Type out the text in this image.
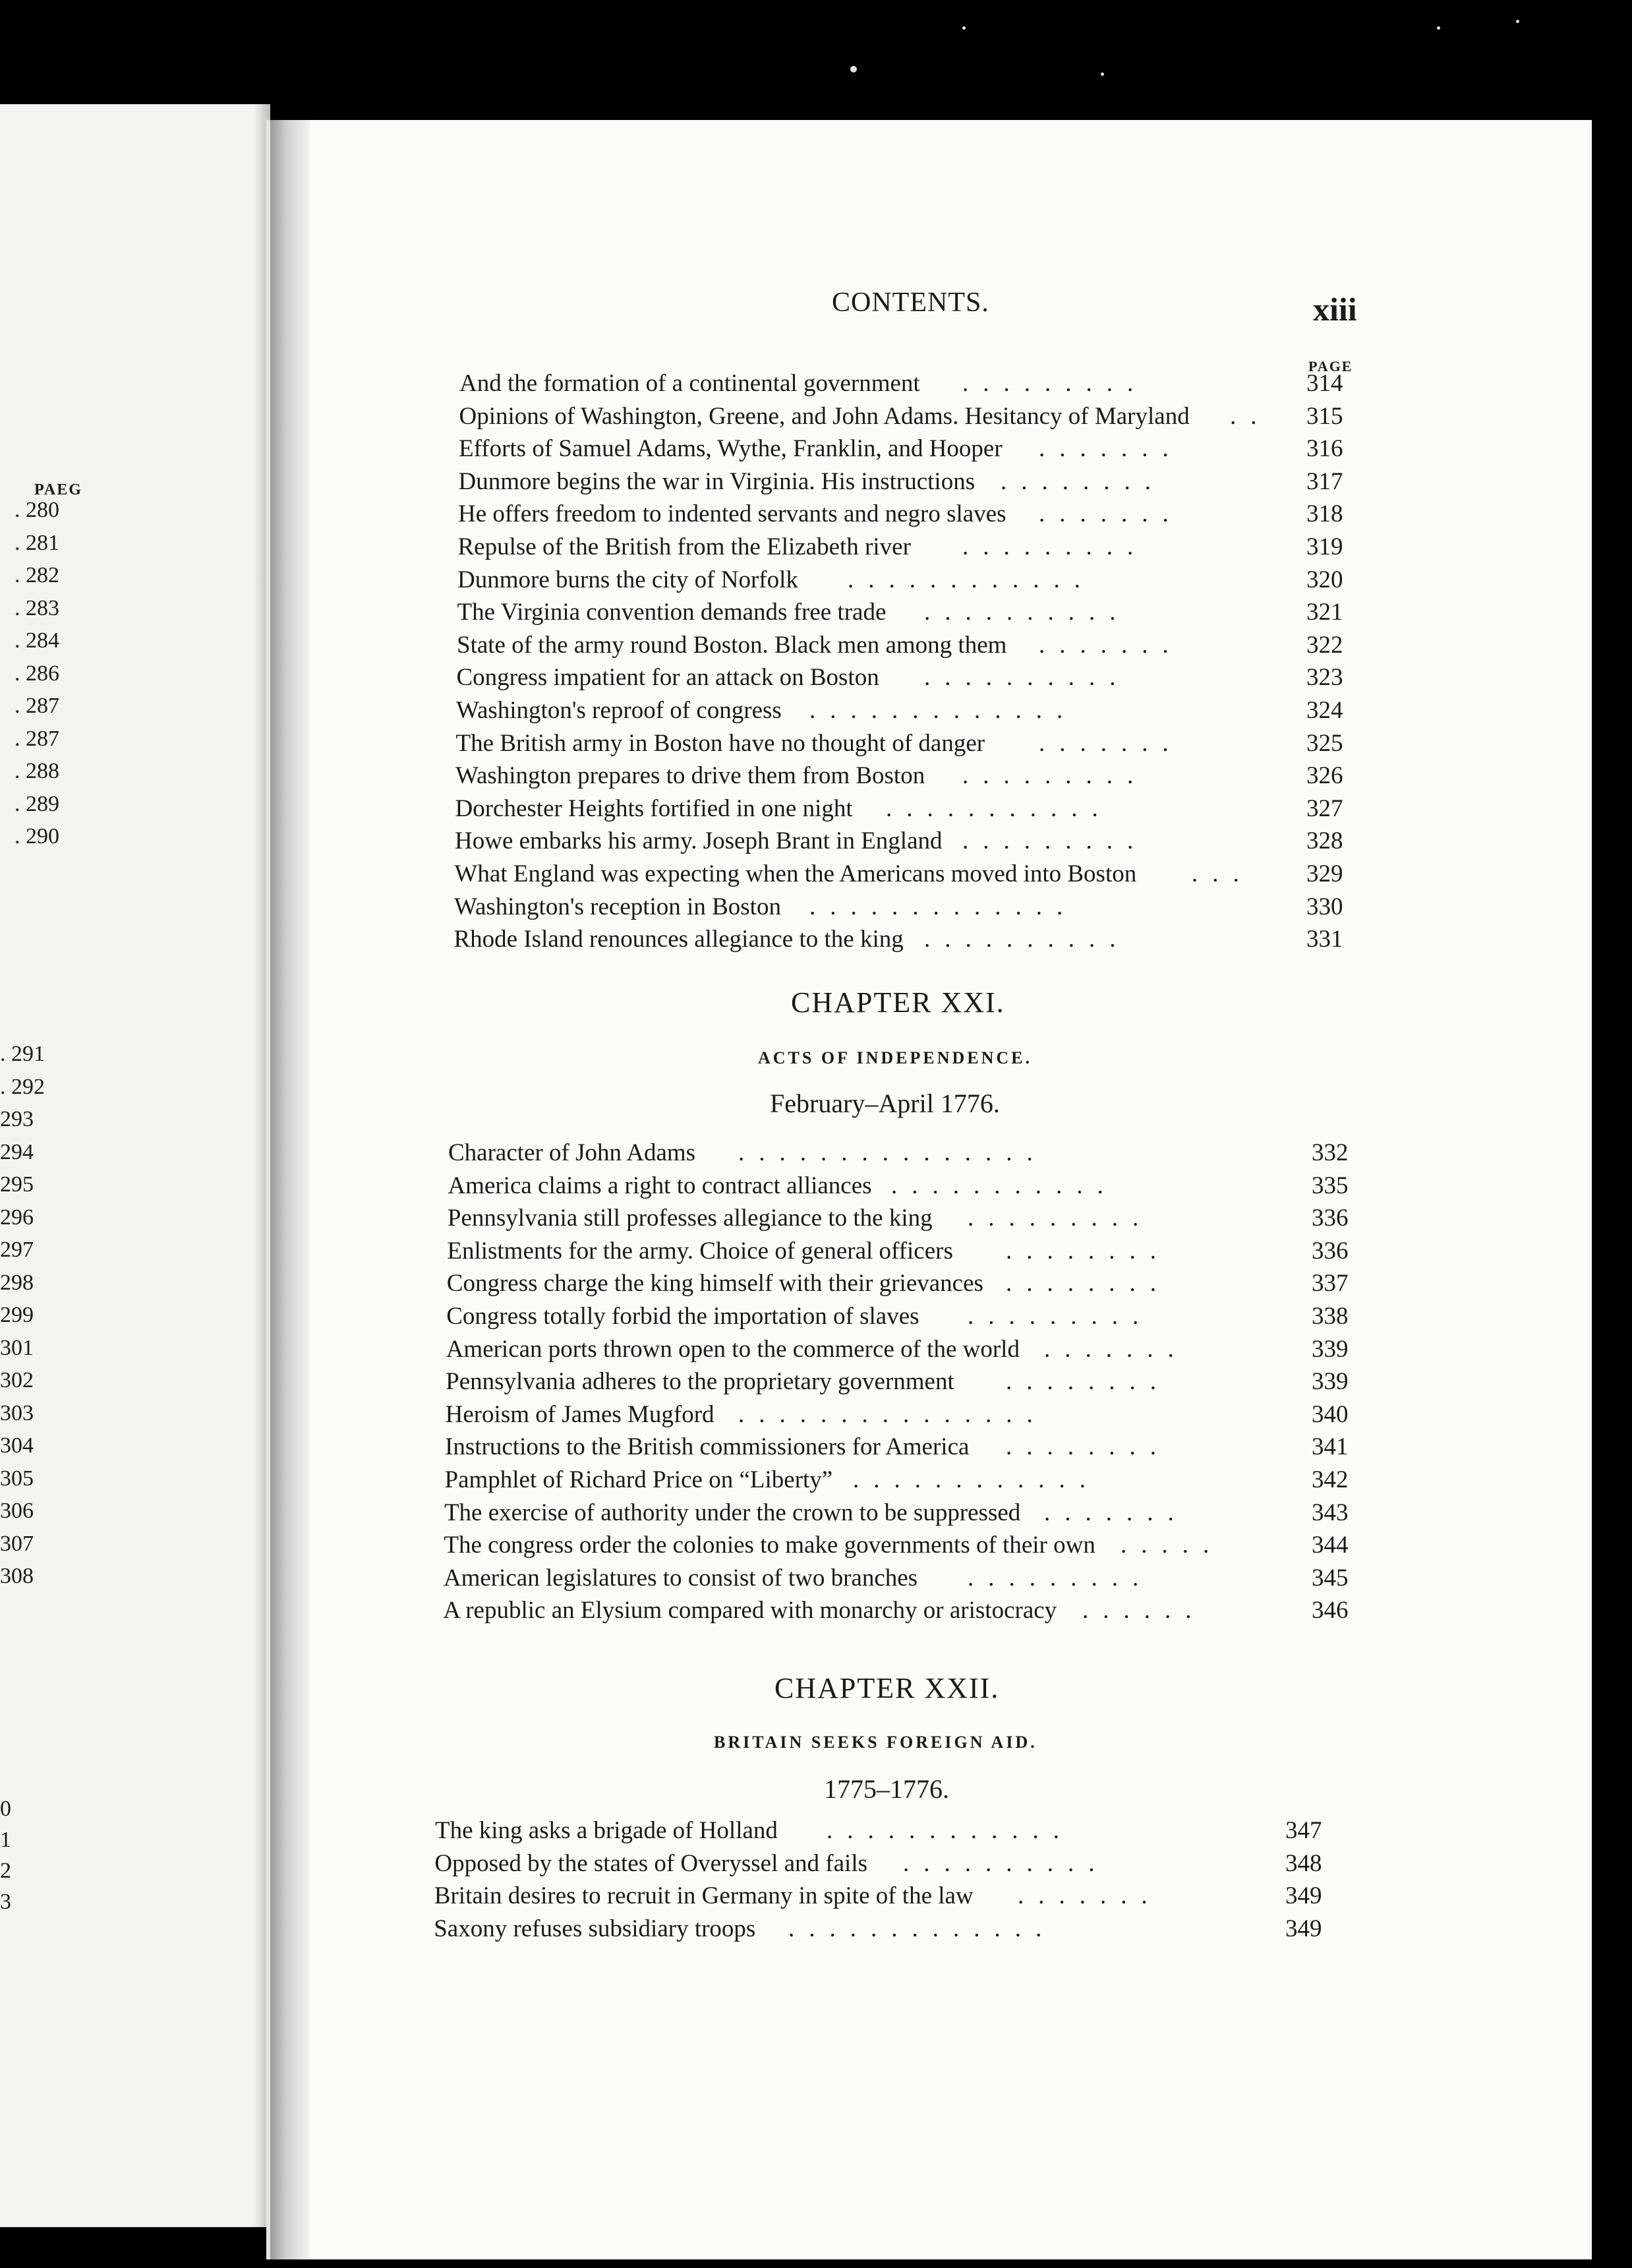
PAEG
. 280
. 281
. 282
. 283
. 284
. 286
. 287
. 287
. 288
. 289
. 290
. 291
. 292
293
294
295
296
297
298
299
301
302
303
304
305
306
307
308
0
1
2
3
CONTENTS.	xiii
PAGE
And the formation of a continental government	314
.........
Opinions of Washington, Greene, and John Adams. Hesitancy of Maryland	315
..
Efforts of Samuel Adams, Wythe, Franklin, and Hooper	316
.......
Dunmore begins the war in Virginia. His instructions	317
........
He offers freedom to indented servants and negro slaves	318
.......
Repulse of the British from the Elizabeth river	319
.........
Dunmore burns the city of Norfolk	320
............
The Virginia convention demands free trade	321
..........
State of the army round Boston. Black men among them	322
.......
Congress impatient for an attack on Boston	323
..........
Washington's reproof of congress	324
.............
The British army in Boston have no thought of danger	325
.......
Washington prepares to drive them from Boston	326
.........
Dorchester Heights fortified in one night	327
...........
Howe embarks his army. Joseph Brant in England	328
.........
What England was expecting when the Americans moved into Boston	329
...
Washington's reception in Boston	330
.............
Rhode Island renounces allegiance to the king	331
..........
CHAPTER XXI.
ACTS OF INDEPENDENCE.
February–April 1776.
Character of John Adams	332
...............
America claims a right to contract alliances	335
...........
Pennsylvania still professes allegiance to the king	336
.........
Enlistments for the army. Choice of general officers	336
........
Congress charge the king himself with their grievances	337
........
Congress totally forbid the importation of slaves	338
.........
American ports thrown open to the commerce of the world	339
.......
Pennsylvania adheres to the proprietary government	339
........
Heroism of James Mugford	340
...............
Instructions to the British commissioners for America	341
........
Pamphlet of Richard Price on “Liberty”	342
............
The exercise of authority under the crown to be suppressed	343
.......
The congress order the colonies to make governments of their own	344
.....
American legislatures to consist of two branches	345
.........
A republic an Elysium compared with monarchy or aristocracy	346
......
CHAPTER XXII.
BRITAIN SEEKS FOREIGN AID.
1775–1776.
The king asks a brigade of Holland	347
............
Opposed by the states of Overyssel and fails	348
..........
Britain desires to recruit in Germany in spite of the law	349
.......
Saxony refuses subsidiary troops	349
.............
